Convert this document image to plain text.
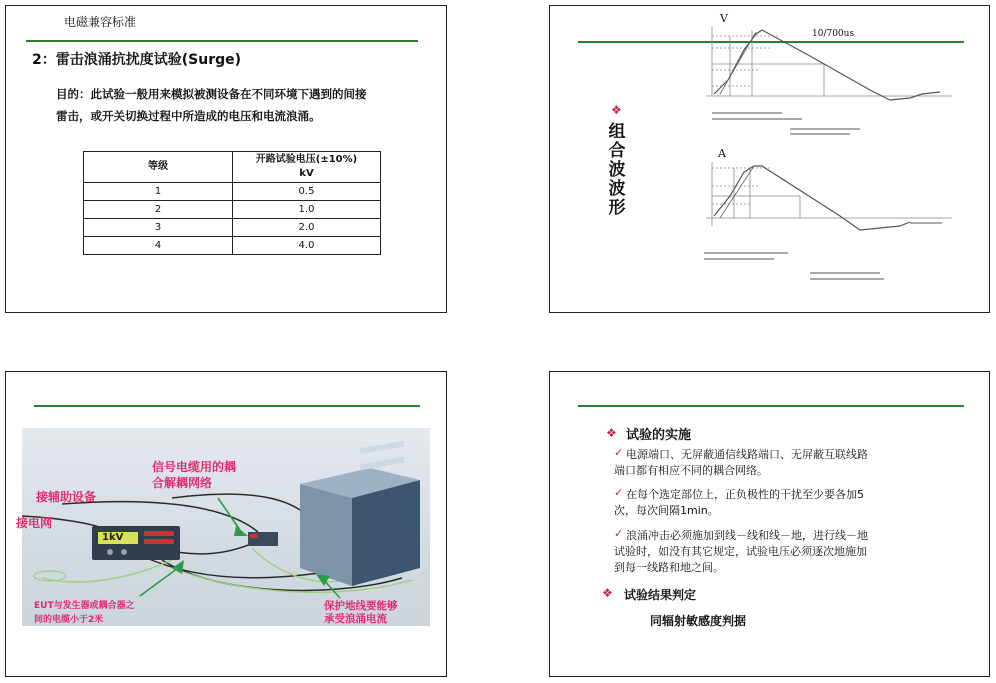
电磁兼容标准
2：雷击浪涌抗扰度试验(Surge)
目的：此试验一般用来模拟被测设备在不同环境下遇到的间接
雷击，或开关切换过程中所造成的电压和电流浪涌。
等级	开路试验电压(±10%)
kV

1	0.5
2	1.0
3	2.0
4	4.0
❖
组
合
波
波
形
V
10/700us
A
1kV
信号电缆用的耦
合解耦网络
接辅助设备
接电网
EUT与发生器或耦合器之
间的电缆小于2米
保护地线要能够
承受浪涌电流
❖ 试验的实施
✓ 电源端口、无屏蔽通信线路端口、无屏蔽互联线路
端口都有相应不同的耦合网络。
✓ 在每个选定部位上，正负极性的干扰至少要各加5
次，每次间隔1min。
✓ 浪涌冲击必须施加到线－线和线－地，进行线－地
试验时，如没有其它规定，试验电压必须逐次地施加
到每一线路和地之间。
❖ 试验结果判定
同辐射敏感度判据
